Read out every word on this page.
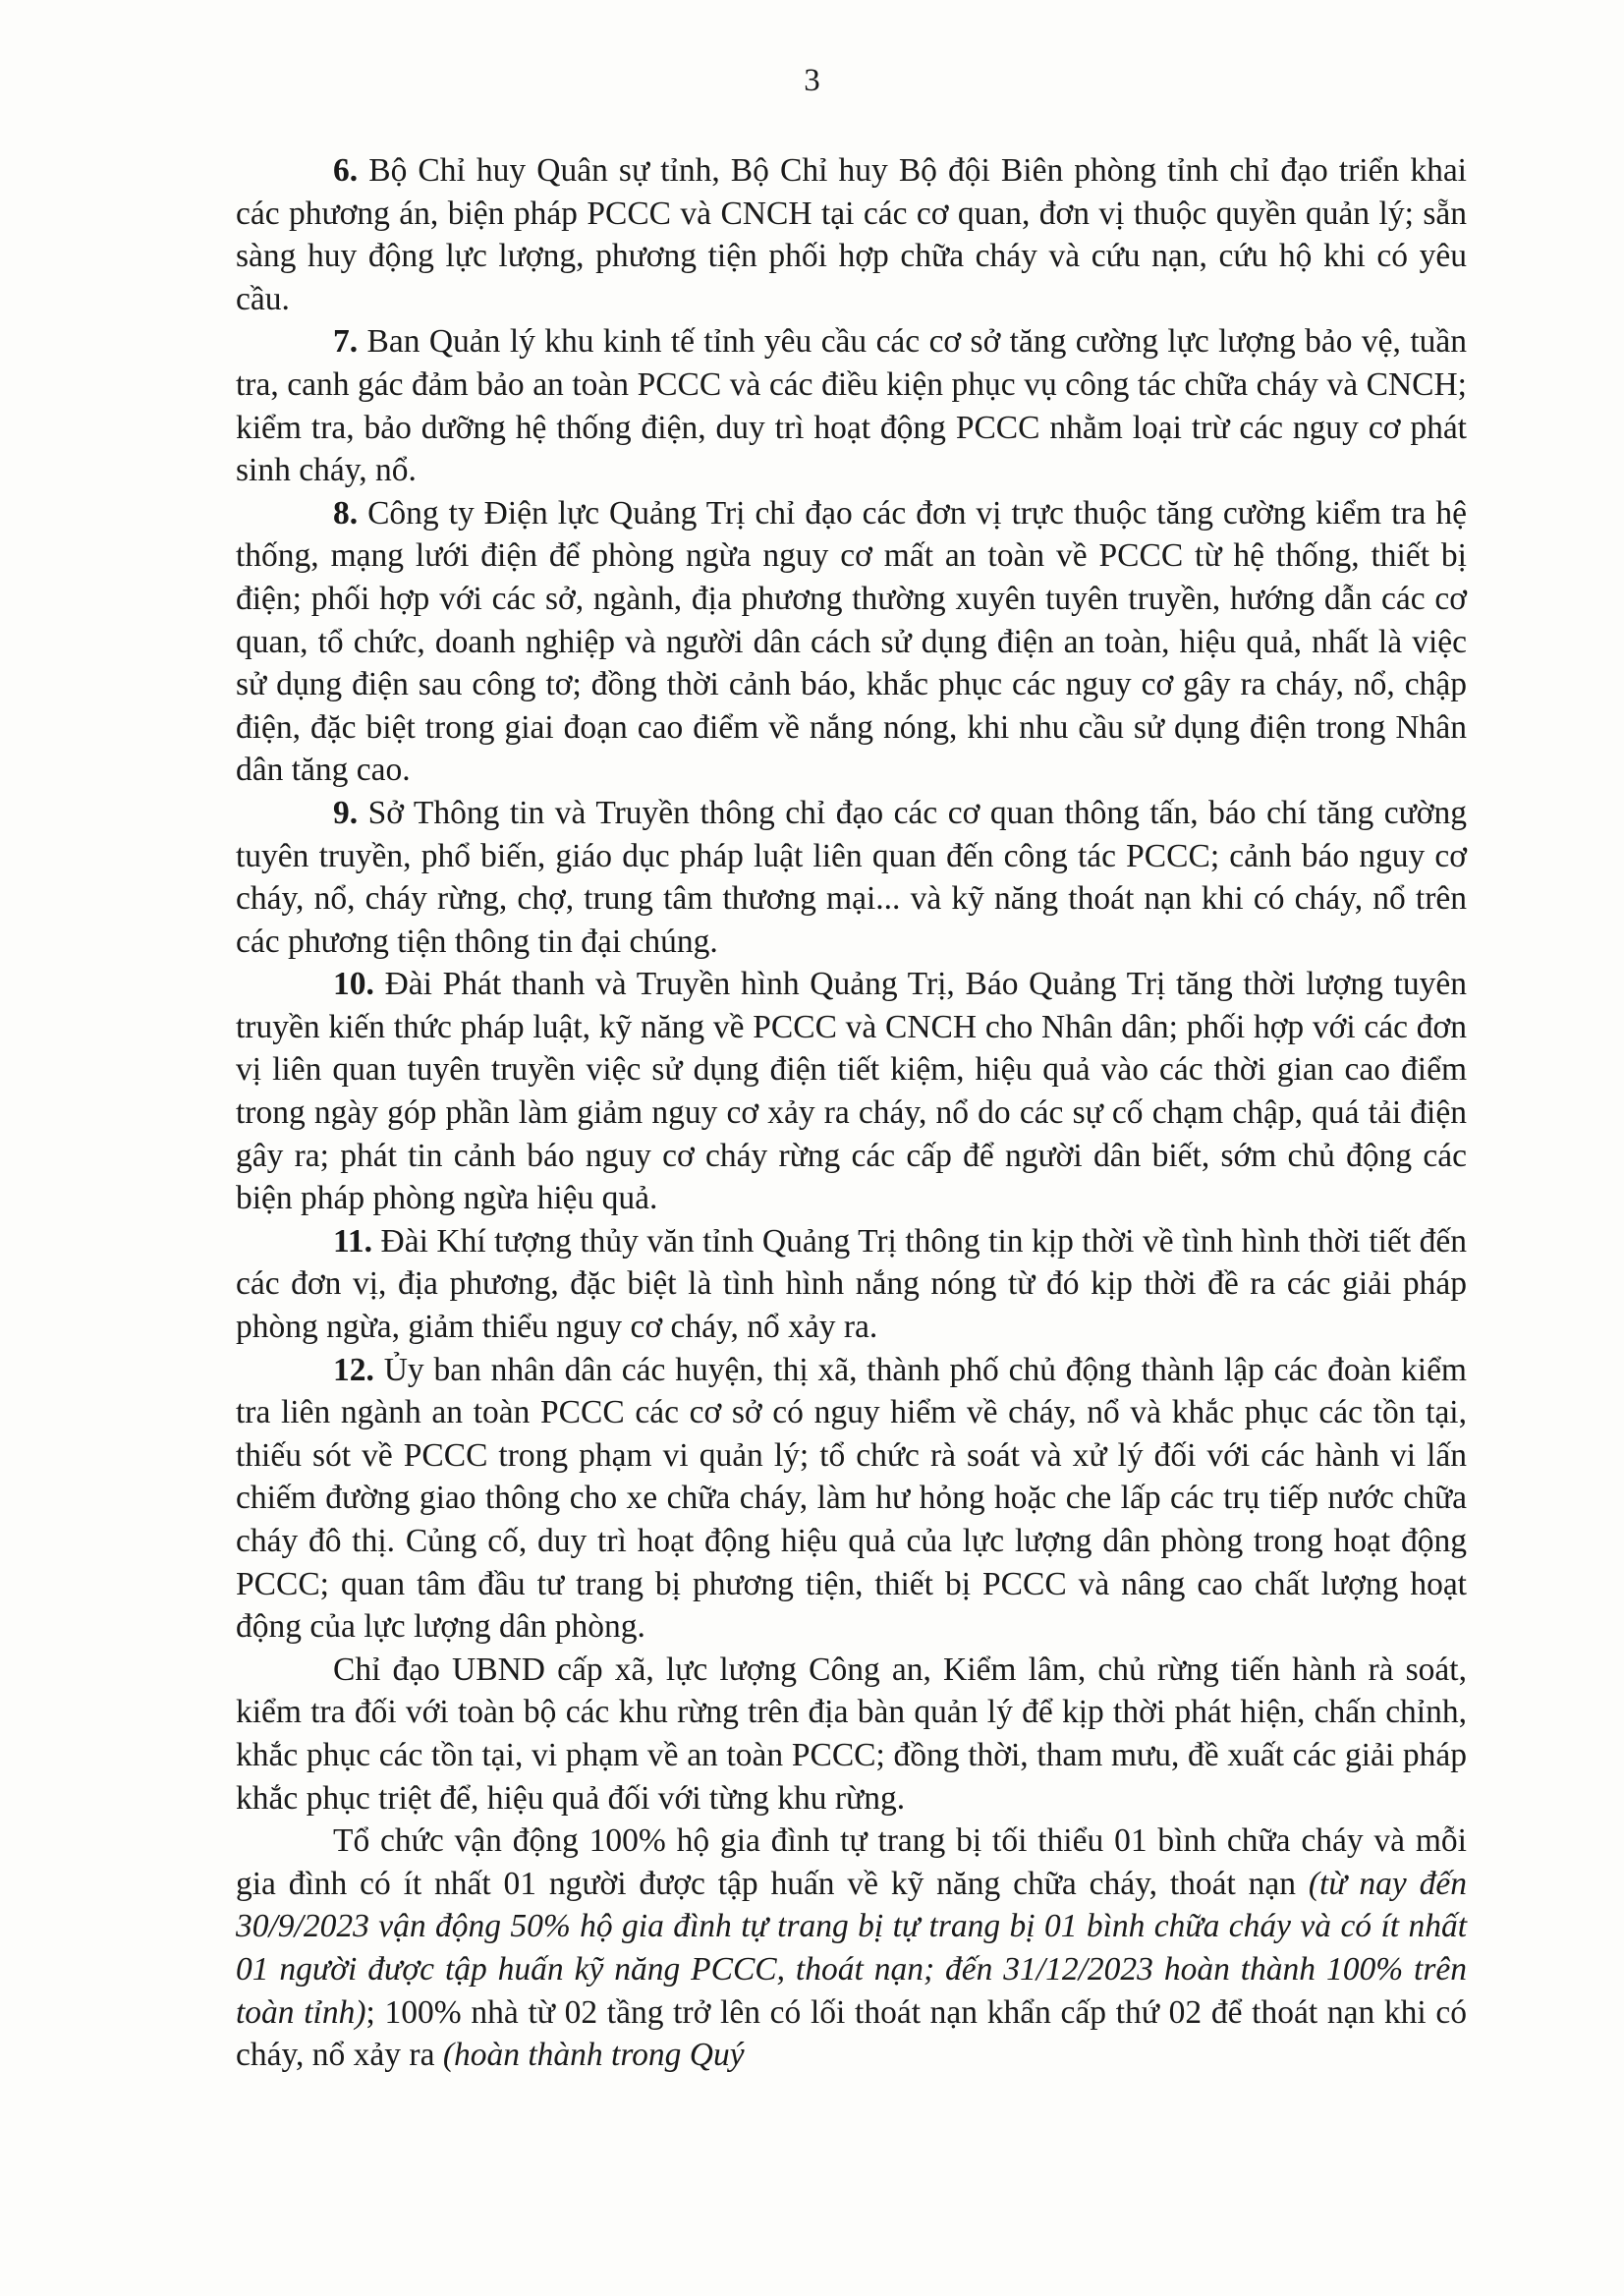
3

6. Bộ Chỉ huy Quân sự tỉnh, Bộ Chỉ huy Bộ đội Biên phòng tỉnh chỉ đạo triển khai các phương án, biện pháp PCCC và CNCH tại các cơ quan, đơn vị thuộc quyền quản lý; sẵn sàng huy động lực lượng, phương tiện phối hợp chữa cháy và cứu nạn, cứu hộ khi có yêu cầu.

7. Ban Quản lý khu kinh tế tỉnh yêu cầu các cơ sở tăng cường lực lượng bảo vệ, tuần tra, canh gác đảm bảo an toàn PCCC và các điều kiện phục vụ công tác chữa cháy và CNCH; kiểm tra, bảo dưỡng hệ thống điện, duy trì hoạt động PCCC nhằm loại trừ các nguy cơ phát sinh cháy, nổ.

8. Công ty Điện lực Quảng Trị chỉ đạo các đơn vị trực thuộc tăng cường kiểm tra hệ thống, mạng lưới điện để phòng ngừa nguy cơ mất an toàn về PCCC từ hệ thống, thiết bị điện; phối hợp với các sở, ngành, địa phương thường xuyên tuyên truyền, hướng dẫn các cơ quan, tổ chức, doanh nghiệp và người dân cách sử dụng điện an toàn, hiệu quả, nhất là việc sử dụng điện sau công tơ; đồng thời cảnh báo, khắc phục các nguy cơ gây ra cháy, nổ, chập điện, đặc biệt trong giai đoạn cao điểm về nắng nóng, khi nhu cầu sử dụng điện trong Nhân dân tăng cao.

9. Sở Thông tin và Truyền thông chỉ đạo các cơ quan thông tấn, báo chí tăng cường tuyên truyền, phổ biến, giáo dục pháp luật liên quan đến công tác PCCC; cảnh báo nguy cơ cháy, nổ, cháy rừng, chợ, trung tâm thương mại... và kỹ năng thoát nạn khi có cháy, nổ trên các phương tiện thông tin đại chúng.

10. Đài Phát thanh và Truyền hình Quảng Trị, Báo Quảng Trị tăng thời lượng tuyên truyền kiến thức pháp luật, kỹ năng về PCCC và CNCH cho Nhân dân; phối hợp với các đơn vị liên quan tuyên truyền việc sử dụng điện tiết kiệm, hiệu quả vào các thời gian cao điểm trong ngày góp phần làm giảm nguy cơ xảy ra cháy, nổ do các sự cố chạm chập, quá tải điện gây ra; phát tin cảnh báo nguy cơ cháy rừng các cấp để người dân biết, sớm chủ động các biện pháp phòng ngừa hiệu quả.

11. Đài Khí tượng thủy văn tỉnh Quảng Trị thông tin kịp thời về tình hình thời tiết đến các đơn vị, địa phương, đặc biệt là tình hình nắng nóng từ đó kịp thời đề ra các giải pháp phòng ngừa, giảm thiểu nguy cơ cháy, nổ xảy ra.

12. Ủy ban nhân dân các huyện, thị xã, thành phố chủ động thành lập các đoàn kiểm tra liên ngành an toàn PCCC các cơ sở có nguy hiểm về cháy, nổ và khắc phục các tồn tại, thiếu sót về PCCC trong phạm vi quản lý; tổ chức rà soát và xử lý đối với các hành vi lấn chiếm đường giao thông cho xe chữa cháy, làm hư hỏng hoặc che lấp các trụ tiếp nước chữa cháy đô thị. Củng cố, duy trì hoạt động hiệu quả của lực lượng dân phòng trong hoạt động PCCC; quan tâm đầu tư trang bị phương tiện, thiết bị PCCC và nâng cao chất lượng hoạt động của lực lượng dân phòng.

Chỉ đạo UBND cấp xã, lực lượng Công an, Kiểm lâm, chủ rừng tiến hành rà soát, kiểm tra đối với toàn bộ các khu rừng trên địa bàn quản lý để kịp thời phát hiện, chấn chỉnh, khắc phục các tồn tại, vi phạm về an toàn PCCC; đồng thời, tham mưu, đề xuất các giải pháp khắc phục triệt để, hiệu quả đối với từng khu rừng.

Tổ chức vận động 100% hộ gia đình tự trang bị tối thiểu 01 bình chữa cháy và mỗi gia đình có ít nhất 01 người được tập huấn về kỹ năng chữa cháy, thoát nạn (từ nay đến 30/9/2023 vận động 50% hộ gia đình tự trang bị tự trang bị 01 bình chữa cháy và có ít nhất 01 người được tập huấn kỹ năng PCCC, thoát nạn; đến 31/12/2023 hoàn thành 100% trên toàn tỉnh); 100% nhà từ 02 tầng trở lên có lối thoát nạn khẩn cấp thứ 02 để thoát nạn khi có cháy, nổ xảy ra (hoàn thành trong Quý
